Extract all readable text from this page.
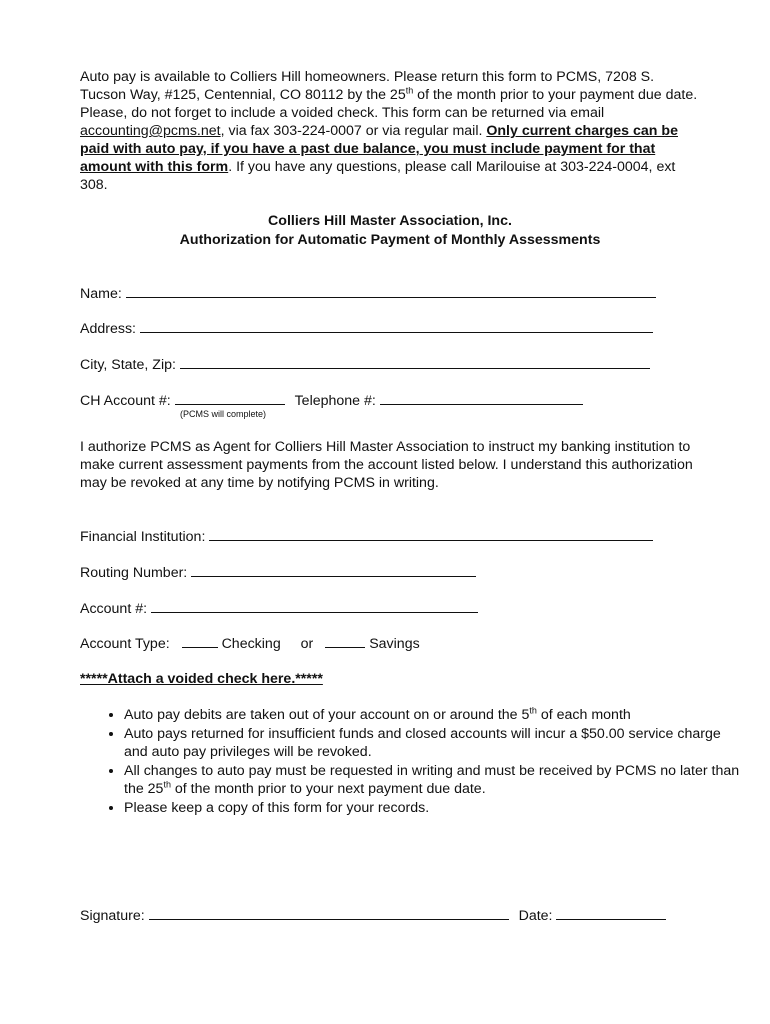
Auto pay is available to Colliers Hill homeowners. Please return this form to PCMS, 7208 S. Tucson Way, #125, Centennial, CO 80112 by the 25th of the month prior to your payment due date. Please, do not forget to include a voided check. This form can be returned via email accounting@pcms.net, via fax 303-224-0007 or via regular mail. Only current charges can be paid with auto pay, if you have a past due balance, you must include payment for that amount with this form. If you have any questions, please call Marilouise at 303-224-0004, ext 308.

Colliers Hill Master Association, Inc.
Authorization for Automatic Payment of Monthly Assessments
Name:
Address:
City, State, Zip:
CH Account #:	Telephone #:
(PCMS will complete)

I authorize PCMS as Agent for Colliers Hill Master Association to instruct my banking institution to make current assessment payments from the account listed below. I understand this authorization may be revoked at any time by notifying PCMS in writing.

Financial Institution:
Routing Number:
Account #:
Account Type:	Checking or	Savings
*****Attach a voided check here.*****
• Auto pay debits are taken out of your account on or around the 5th of each month
• Auto pays returned for insufficient funds and closed accounts will incur a $50.00 service charge and auto pay privileges will be revoked.
• All changes to auto pay must be requested in writing and must be received by PCMS no later than the 25th of the month prior to your next payment due date.
• Please keep a copy of this form for your records.
Signature:	Date:
